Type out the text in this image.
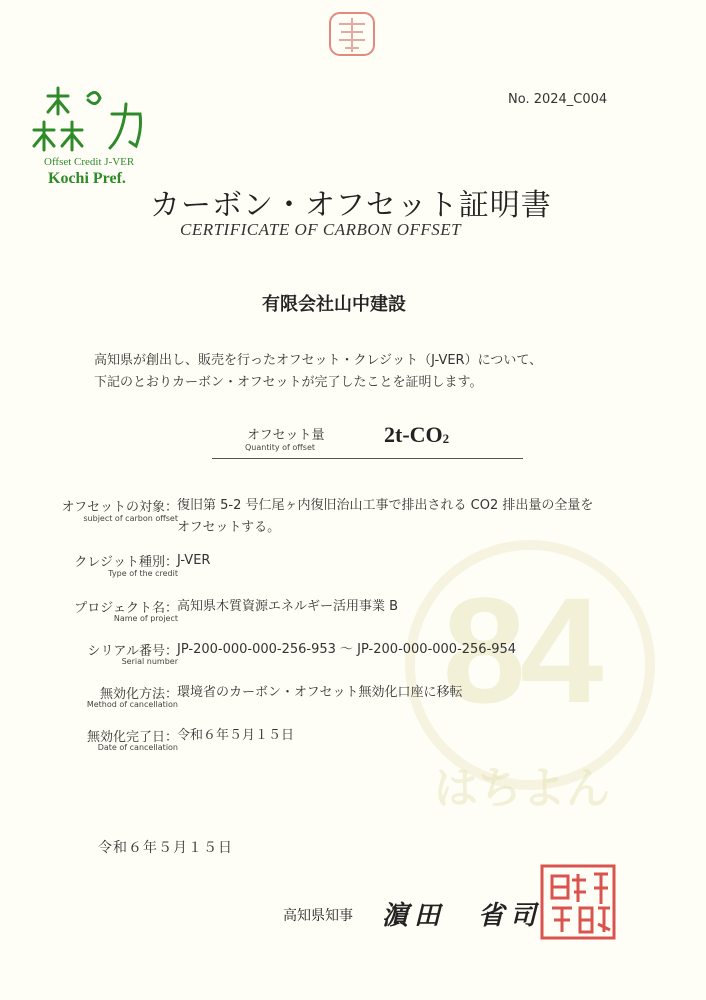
84
はちよん
Offset Credit J-VER
Kochi Pref.
No. 2024_C004
カーボン・オフセット証明書
CERTIFICATE OF CARBON OFFSET
有限会社山中建設
高知県が創出し、販売を行ったオフセット・クレジット（J-VER）について、
下記のとおりカーボン・オフセットが完了したことを証明します。
オフセット量
Quantity of offset
$2t-CO_2$
オフセットの対象：
subject of carbon offset
復旧第 5-2 号仁尾ヶ内復旧治山工事で排出される CO2 排出量の全量を
オフセットする。
クレジット種別：
Type of the credit
J-VER
プロジェクト名：
Name of project
高知県木質資源エネルギー活用事業 B
シリアル番号：
Serial number
JP-200-000-000-256-953 ～ JP-200-000-000-256-954
無効化方法：
Method of cancellation
環境省のカーボン・オフセット無効化口座に移転
無効化完了日：
Date of cancellation
令和６年５月１５日
令和６年５月１５日
高知県知事 濵田　省司
